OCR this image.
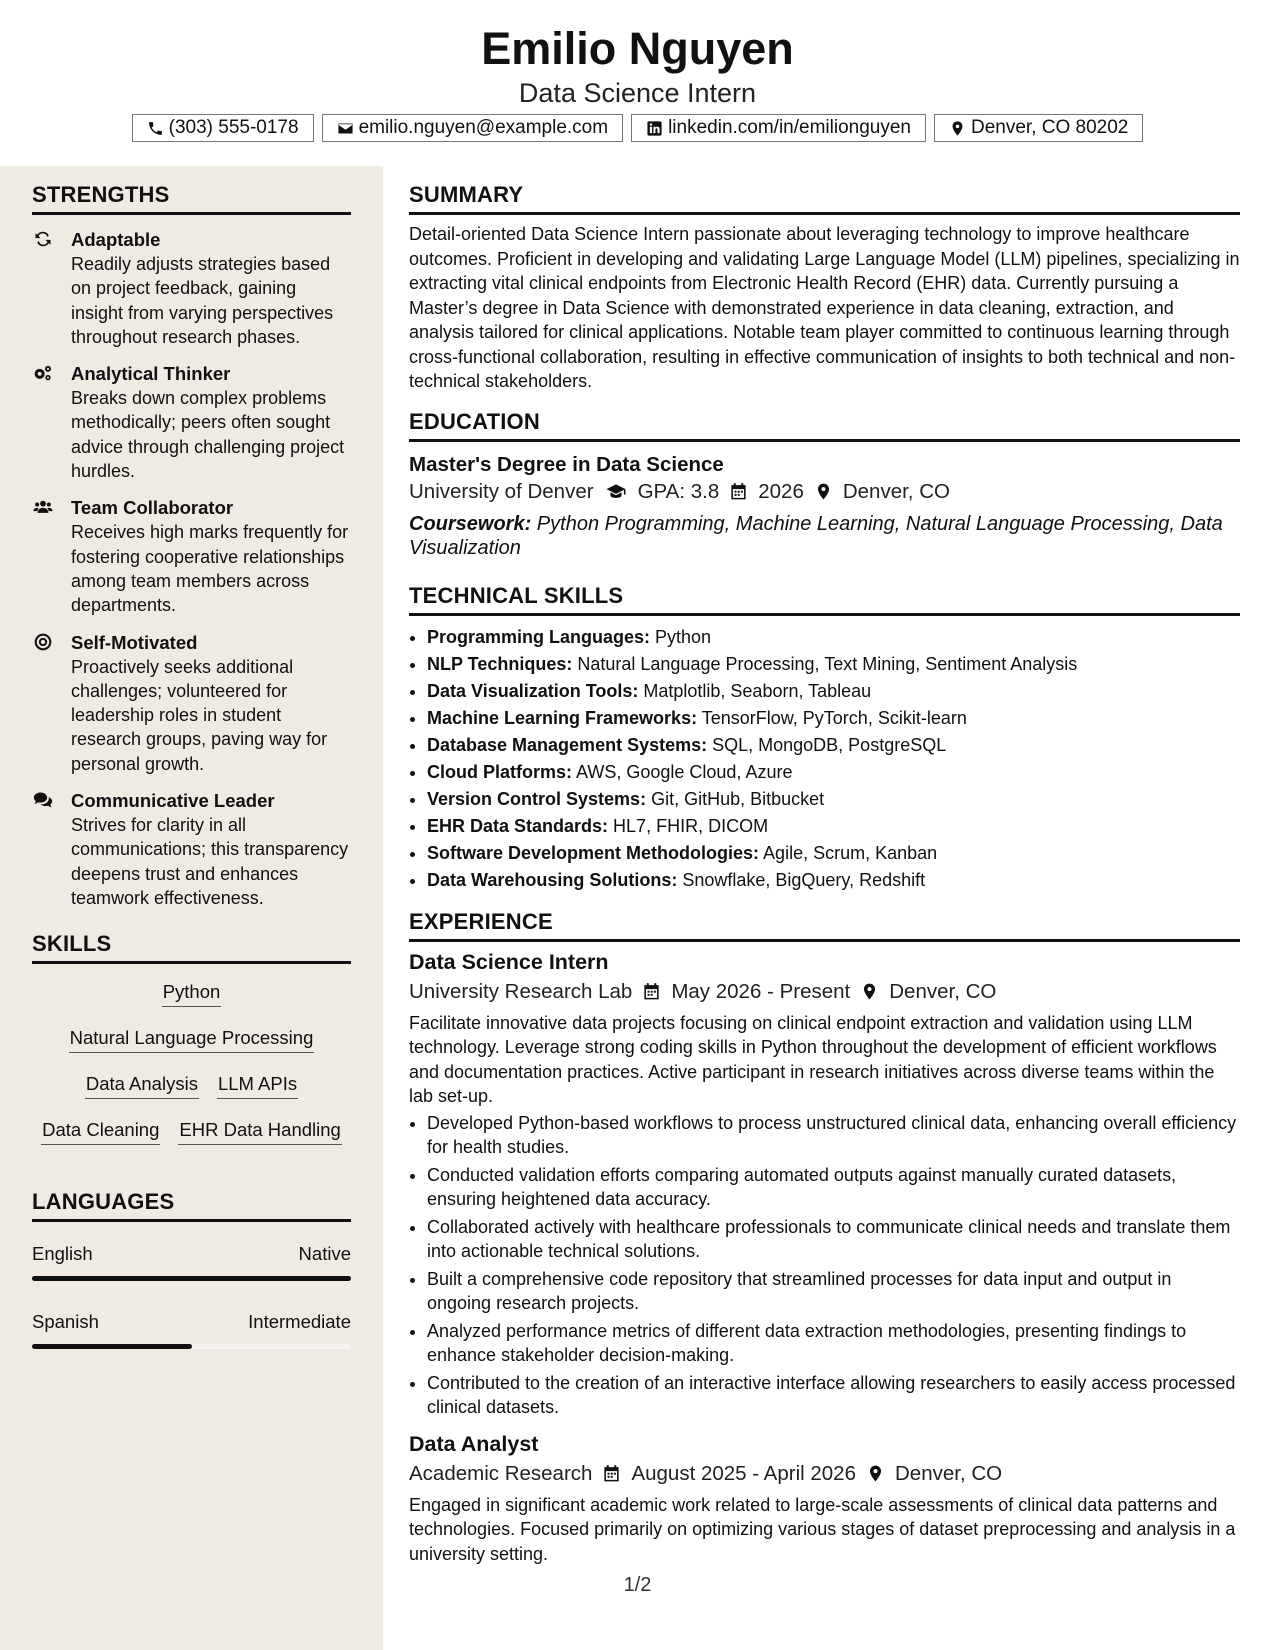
Emilio Nguyen
Data Science Intern
(303) 555-0178	emilio.nguyen@example.com	linkedin.com/in/emilionguyen	Denver, CO 80202
STRENGTHS
Adaptable
Readily adjusts strategies based on project feedback, gaining insight from varying perspectives throughout research phases.
Analytical Thinker
Breaks down complex problems methodically; peers often sought advice through challenging project hurdles.
Team Collaborator
Receives high marks frequently for fostering cooperative relationships among team members across departments.
Self-Motivated
Proactively seeks additional challenges; volunteered for leadership roles in student research groups, paving way for personal growth.
Communicative Leader
Strives for clarity in all communications; this transparency deepens trust and enhances teamwork effectiveness.
SKILLS
Python
Natural Language Processing
Data Analysis LLM APIs
Data Cleaning EHR Data Handling
LANGUAGES
English	Native
Spanish	Intermediate
SUMMARY
Detail-oriented Data Science Intern passionate about leveraging technology to improve healthcare outcomes. Proficient in developing and validating Large Language Model (LLM) pipelines, specializing in extracting vital clinical endpoints from Electronic Health Record (EHR) data. Currently pursuing a Master’s degree in Data Science with demonstrated experience in data cleaning, extraction, and analysis tailored for clinical applications. Notable team player committed to continuous learning through cross-functional collaboration, resulting in effective communication of insights to both technical and non-technical stakeholders.
EDUCATION
Master's Degree in Data Science
University of Denver GPA: 3.8 2026 Denver, CO
Coursework: Python Programming, Machine Learning, Natural Language Processing, Data Visualization
TECHNICAL SKILLS
• Programming Languages: Python
• NLP Techniques: Natural Language Processing, Text Mining, Sentiment Analysis
• Data Visualization Tools: Matplotlib, Seaborn, Tableau
• Machine Learning Frameworks: TensorFlow, PyTorch, Scikit-learn
• Database Management Systems: SQL, MongoDB, PostgreSQL
• Cloud Platforms: AWS, Google Cloud, Azure
• Version Control Systems: Git, GitHub, Bitbucket
• EHR Data Standards: HL7, FHIR, DICOM
• Software Development Methodologies: Agile, Scrum, Kanban
• Data Warehousing Solutions: Snowflake, BigQuery, Redshift
EXPERIENCE
Data Science Intern
University Research Lab May 2026 - Present Denver, CO
Facilitate innovative data projects focusing on clinical endpoint extraction and validation using LLM technology. Leverage strong coding skills in Python throughout the development of efficient workflows and documentation practices. Active participant in research initiatives across diverse teams within the lab set-up.
• Developed Python-based workflows to process unstructured clinical data, enhancing overall efficiency for health studies.
• Conducted validation efforts comparing automated outputs against manually curated datasets, ensuring heightened data accuracy.
• Collaborated actively with healthcare professionals to communicate clinical needs and translate them into actionable technical solutions.
• Built a comprehensive code repository that streamlined processes for data input and output in ongoing research projects.
• Analyzed performance metrics of different data extraction methodologies, presenting findings to enhance stakeholder decision-making.
• Contributed to the creation of an interactive interface allowing researchers to easily access processed clinical datasets.
Data Analyst
Academic Research August 2025 - April 2026 Denver, CO
Engaged in significant academic work related to large-scale assessments of clinical data patterns and technologies. Focused primarily on optimizing various stages of dataset preprocessing and analysis in a university setting.
1/2
